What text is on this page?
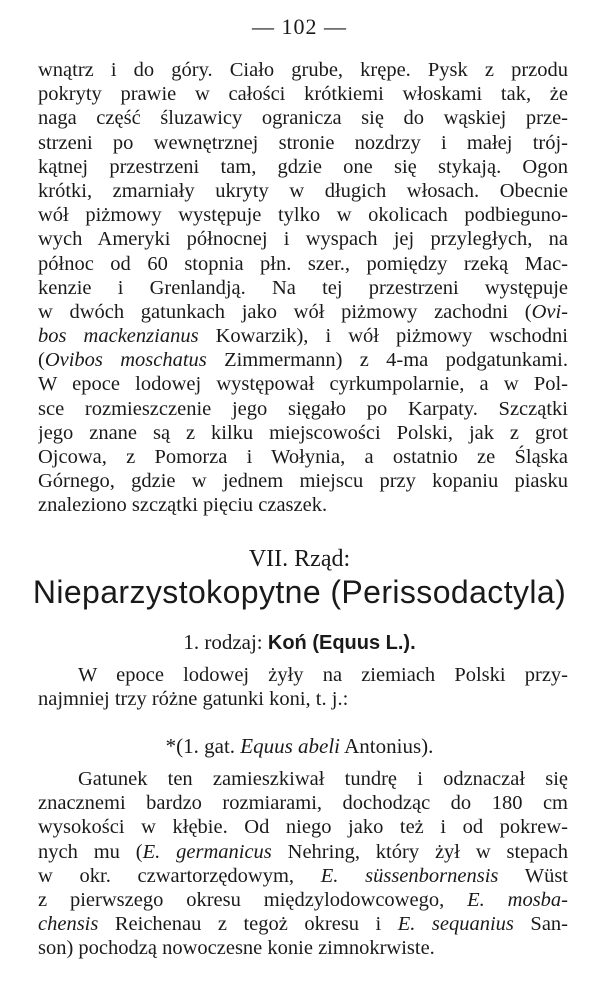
— 102 —
wnątrz i do góry. Ciało grube, krępe. Pysk z przodu
pokryty prawie w całości krótkiemi włoskami tak, że
naga część śluzawicy ogranicza się do wąskiej prze-
strzeni po wewnętrznej stronie nozdrzy i małej trój-
kątnej przestrzeni tam, gdzie one się stykają. Ogon
krótki, zmarniały ukryty w długich włosach. Obecnie
wół piżmowy występuje tylko w okolicach podbieguno-
wych Ameryki północnej i wyspach jej przyległych, na
północ od 60 stopnia płn. szer., pomiędzy rzeką Mac-
kenzie i Grenlandją. Na tej przestrzeni występuje
w dwóch gatunkach jako wół piżmowy zachodni (Ovi-
bos mackenzianus Kowarzik), i wół piżmowy wschodni
(Ovibos moschatus Zimmermann) z 4-ma podgatunkami.
W epoce lodowej występował cyrkumpolarnie, a w Pol-
sce rozmieszczenie jego sięgało po Karpaty. Szczątki
jego znane są z kilku miejscowości Polski, jak z grot
Ojcowa, z Pomorza i Wołynia, a ostatnio ze Śląska
Górnego, gdzie w jednem miejscu przy kopaniu piasku
znaleziono szczątki pięciu czaszek.
VII. Rząd:
Nieparzystokopytne (Perissodactyla)
1. rodzaj: Koń (Equus L.).
W epoce lodowej żyły na ziemiach Polski przy-
najmniej trzy różne gatunki koni, t. j.:
*(1. gat. Equus abeli Antonius).
Gatunek ten zamieszkiwał tundrę i odznaczał się
znacznemi bardzo rozmiarami, dochodząc do 180 cm
wysokości w kłębie. Od niego jako też i od pokrew-
nych mu (E. germanicus Nehring, który żył w stepach
w okr. czwartorzędowym, E. süssenbornensis Wüst
z pierwszego okresu międzylodowcowego, E. mosba-
chensis Reichenau z tegoż okresu i E. sequanius San-
son) pochodzą nowoczesne konie zimnokrwiste.
